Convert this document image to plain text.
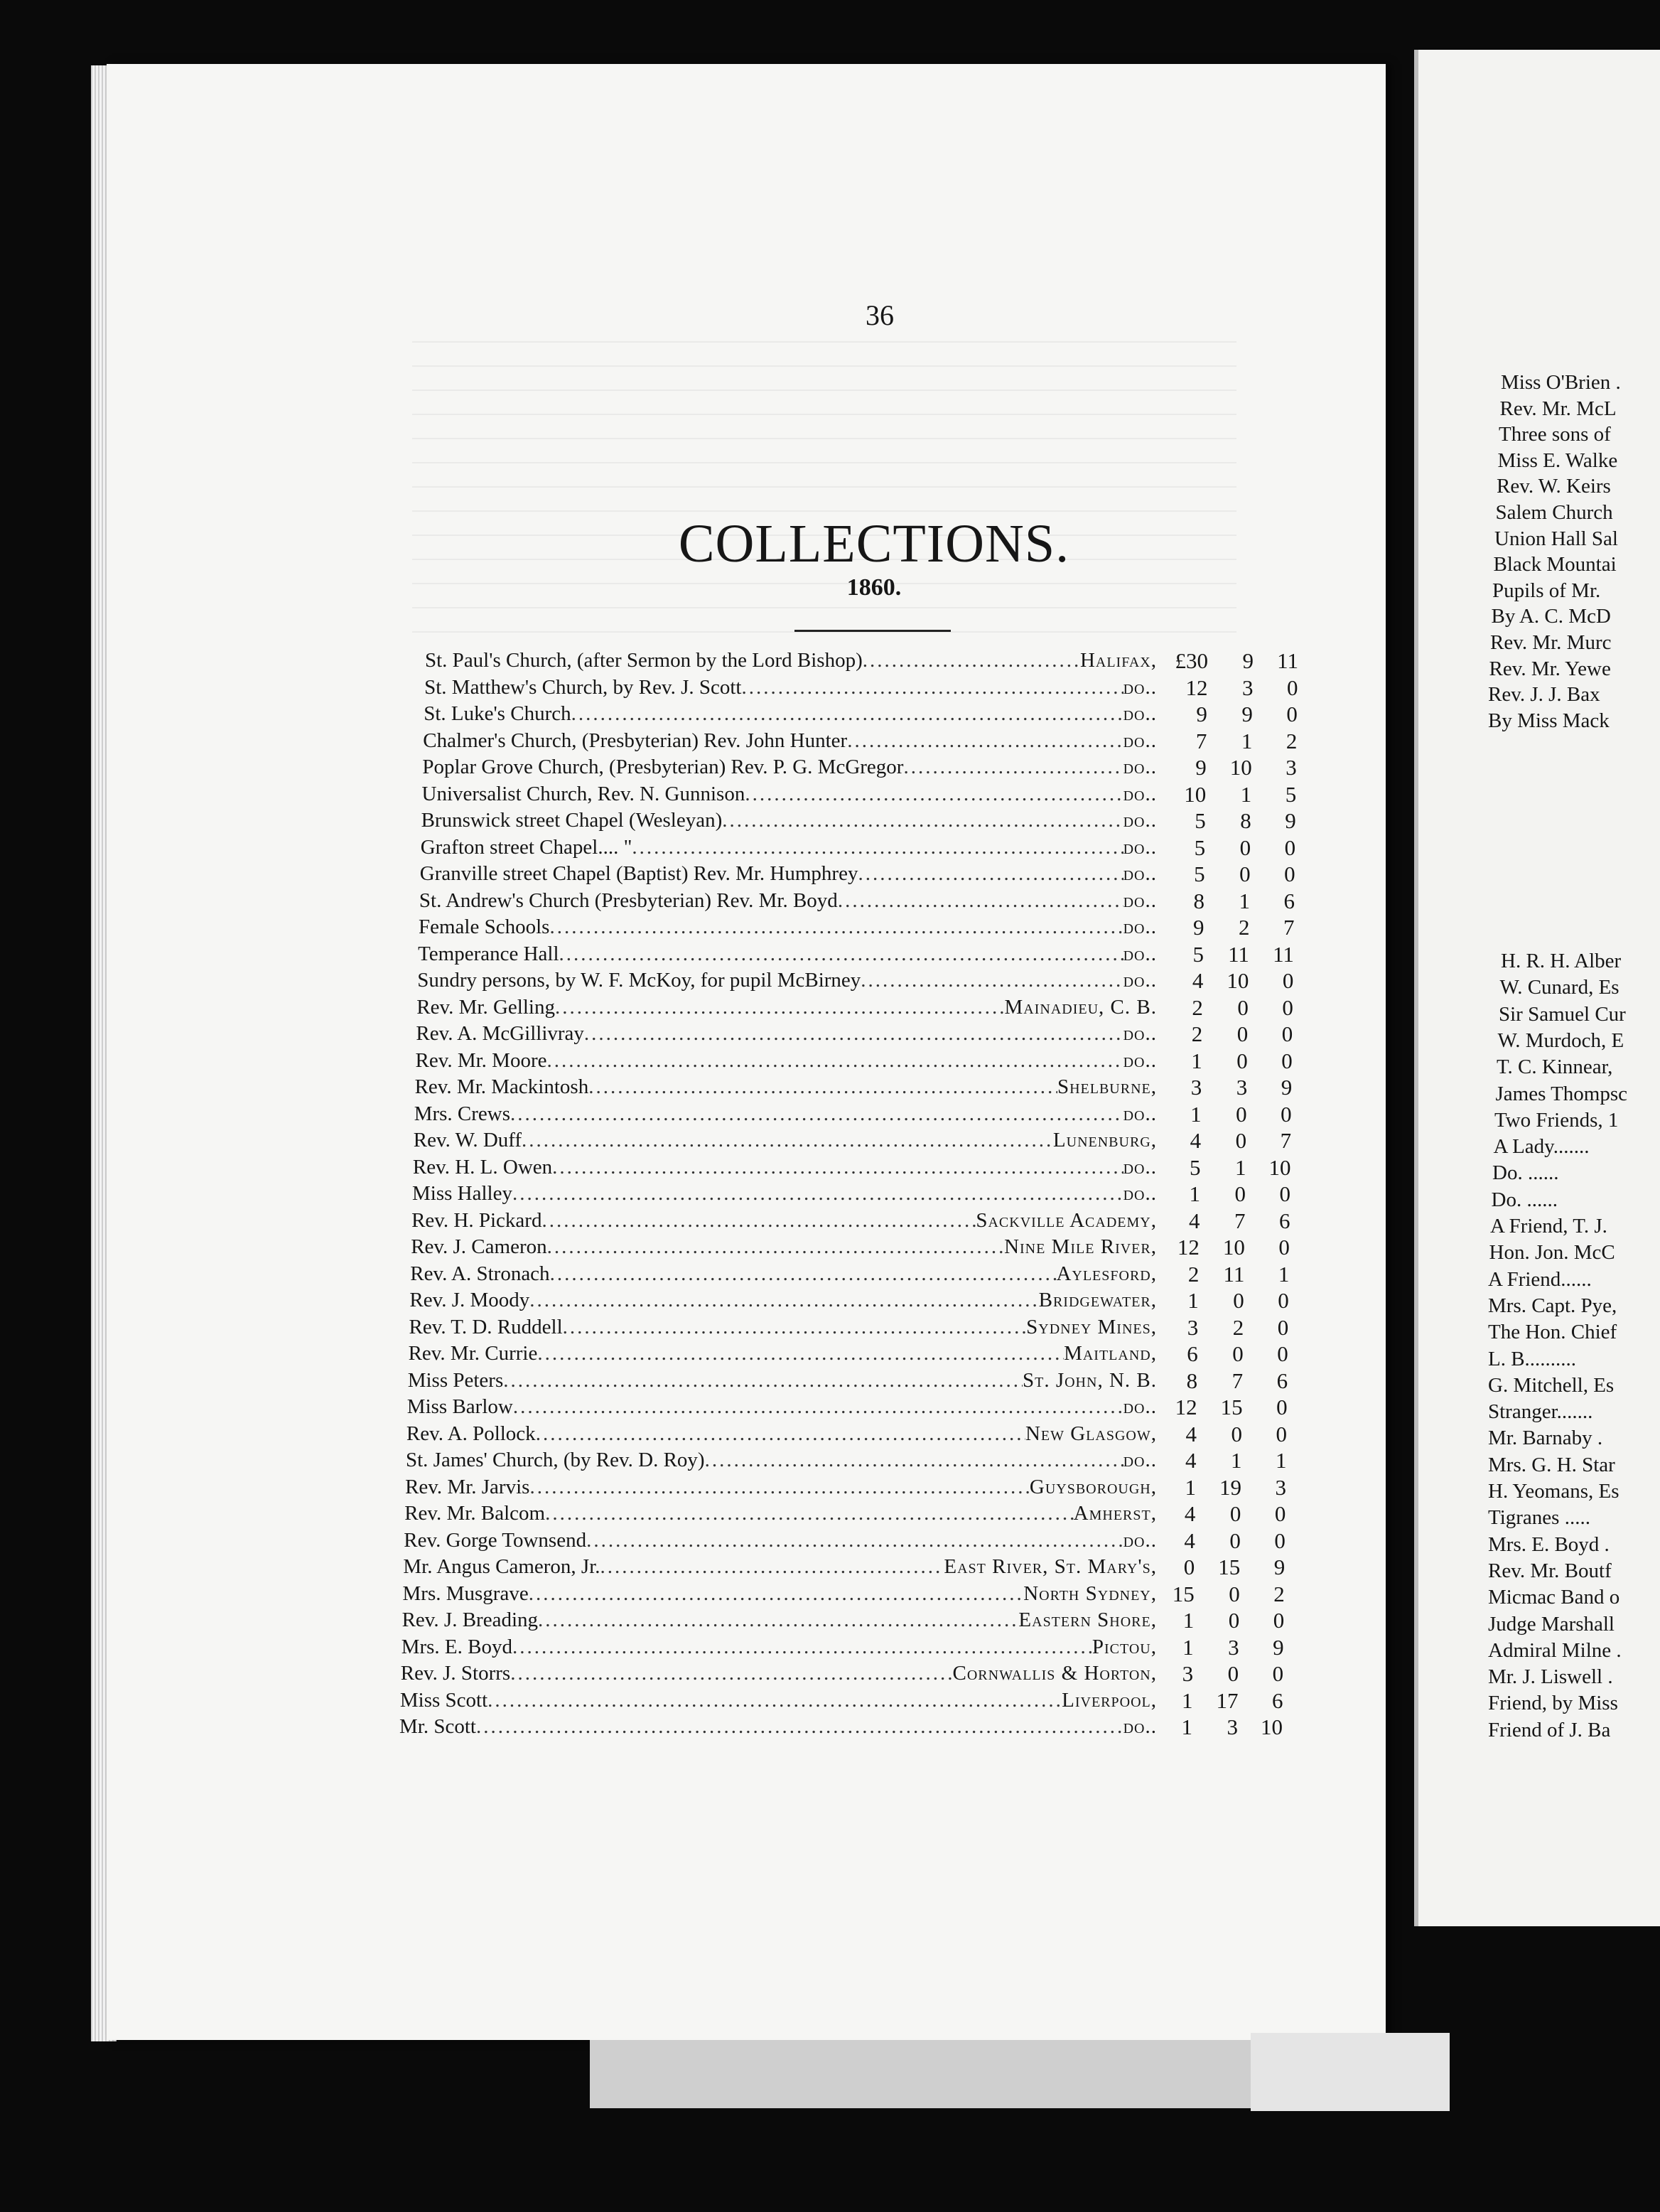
36
COLLECTIONS.
1860.
St. Paul's Church, (after Sermon by the Lord Bishop) .....	Halifax, £30	9	11
St. Matthew's Church, by Rev. J. Scott .....	do..	12	3	0
St. Luke's Church .....	do..	9	9	0
Chalmer's Church, (Presbyterian) Rev. John Hunter .....	do..	7	1	2
Poplar Grove Church, (Presbyterian) Rev. P. G. McGregor .....	do..	9	10	3
Universalist Church, Rev. N. Gunnison .....	do..	10	1	5
Brunswick street Chapel (Wesleyan) .....	do..	5	8	9
Grafton street Chapel.... " .....	do..	5	0	0
Granville street Chapel (Baptist) Rev. Mr. Humphrey .....	do..	5	0	0
St. Andrew's Church (Presbyterian) Rev. Mr. Boyd .....	do..	8	1	6
Female Schools .....	do..	9	2	7
Temperance Hall .....	do..	5	11	11
Sundry persons, by W. F. McKoy, for pupil McBirney .....	do..	4	10	0
Rev. Mr. Gelling .....	Mainadieu, C. B.	2	0	0
Rev. A. McGillivray .....	do..	2	0	0
Rev. Mr. Moore .....	do..	1	0	0
Rev. Mr. Mackintosh .....	Shelburne,	3	3	9
Mrs. Crews .....	do..	1	0	0
Rev. W. Duff .....	Lunenburg,	4	0	7
Rev. H. L. Owen .....	do..	5	1	10
Miss Halley .....	do..	1	0	0
Rev. H. Pickard .....	Sackville Academy,	4	7	6
Rev. J. Cameron .....	Nine Mile River, 12	10	0
Rev. A. Stronach .....	Aylesford,	2	11	1
Rev. J. Moody .....	Bridgewater,	1	0	0
Rev. T. D. Ruddell .....	Sydney Mines,	3	2	0
Rev. Mr. Currie .....	Maitland,	6	0	0
Miss Peters .....	St. John, N. B.	8	7	6
Miss Barlow .....	do.. 12	15	0
Rev. A. Pollock .....	New Glasgow,	4	0	0
St. James' Church, (by Rev. D. Roy) .....	do..	4	1	1
Rev. Mr. Jarvis .....	Guysborough,	1	19	3
Rev. Mr. Balcom .....	Amherst,	4	0	0
Rev. Gorge Townsend .....	do..	4	0	0
Mr. Angus Cameron, Jr. .....	East River, St. Mary's,	0	15	9
Mrs. Musgrave .....	North Sydney, 15	0	2
Rev. J. Breading .....	Eastern Shore,	1	0	0
Mrs. E. Boyd .....	Pictou,	1	3	9
Rev. J. Storrs .....	Cornwallis & Horton,	3	0	0
Miss Scott .....	Liverpool,	1	17	6
Mr. Scott .....	do..	1	3	10
Miss O'Brien .
Rev. Mr. McL
Three sons of
Miss E. Walke
Rev. W. Keirs
Salem Church
Union Hall Sal
Black Mountai
Pupils of Mr.
By A. C. McD
Rev. Mr. Murc
Rev. Mr. Yewe
Rev. J. J. Bax
By Miss Mack
H. R. H. Alber
W. Cunard, Es
Sir Samuel Cur
W. Murdoch, E
T. C. Kinnear,
James Thompsc
Two Friends, 1
A Lady.......
Do. ......
Do. ......
A Friend, T. J.
Hon. Jon. McC
A Friend......
Mrs. Capt. Pye,
The Hon. Chief
L. B..........
G. Mitchell, Es
Stranger.......
Mr. Barnaby .
Mrs. G. H. Star
H. Yeomans, Es
Tigranes .....
Mrs. E. Boyd .
Rev. Mr. Boutf
Micmac Band o
Judge Marshall
Admiral Milne .
Mr. J. Liswell .
Friend, by Miss
Friend of J. Ba
